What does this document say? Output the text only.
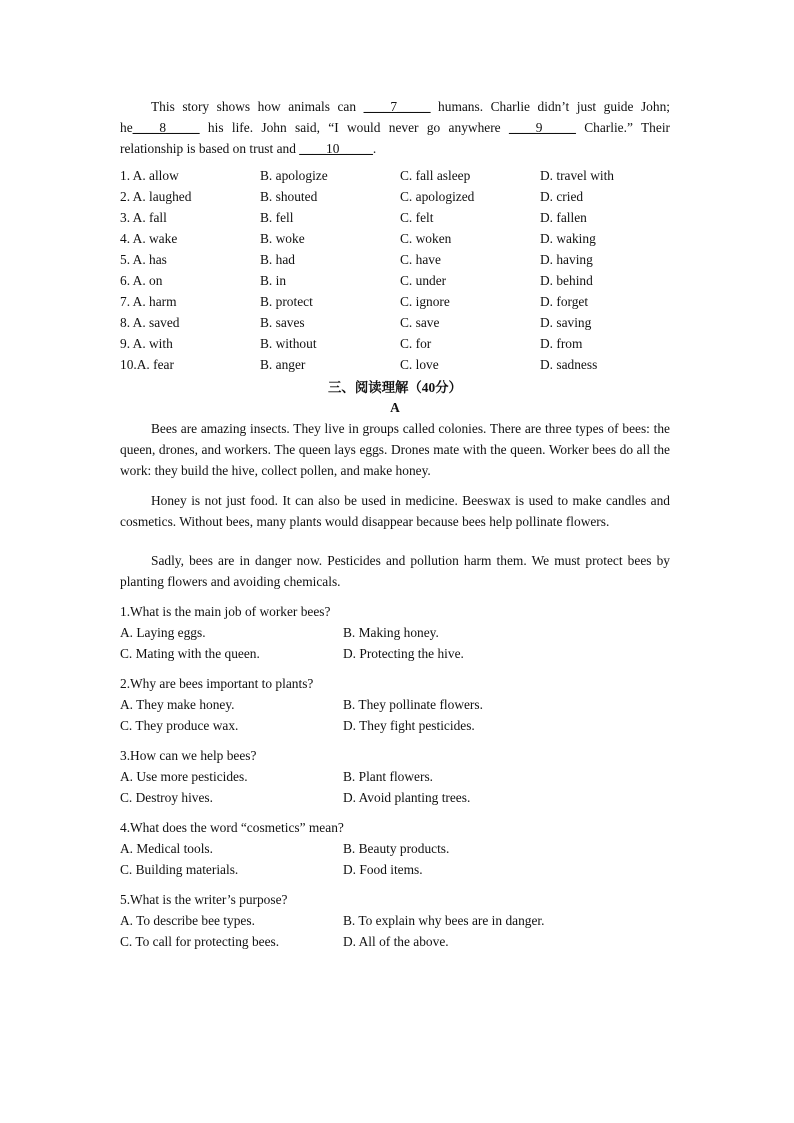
This story shows how animals can ____7_____ humans. Charlie didn’t just guide John; he____8_____ his life. John said, “I would never go anywhere ____9_____ Charlie.” Their relationship is based on trust and ____10_____.

1. A. allow	B. apologize	C. fall asleep	D. travel with
2. A. laughed	B. shouted	C. apologized	D. cried
3. A. fall	B. fell	C. felt	D. fallen
4. A. wake	B. woke	C. woken	D. waking
5. A. has	B. had	C. have	D. having
6. A. on	B. in	C. under	D. behind
7. A. harm	B. protect	C. ignore	D. forget
8. A. saved	B. saves	C. save	D. saving
9. A. with	B. without	C. for	D. from
10.A. fear	B. anger	C. love	D. sadness
三、阅读理解（40分）
A

Bees are amazing insects. They live in groups called colonies. There are three types of bees: the queen, drones, and workers. The queen lays eggs. Drones mate with the queen. Worker bees do all the work: they build the hive, collect pollen, and make honey.

Honey is not just food. It can also be used in medicine. Beeswax is used to make candles and cosmetics. Without bees, many plants would disappear because bees help pollinate flowers.

Sadly, bees are in danger now. Pesticides and pollution harm them. We must protect bees by planting flowers and avoiding chemicals.

1.What is the main job of worker bees?
A. Laying eggs.	B. Making honey.
C. Mating with the queen.	D. Protecting the hive.
2.Why are bees important to plants?
A. They make honey.	B. They pollinate flowers.
C. They produce wax.	D. They fight pesticides.
3.How can we help bees?
A. Use more pesticides.	B. Plant flowers.
C. Destroy hives.	D. Avoid planting trees.
4.What does the word “cosmetics” mean?
A. Medical tools.	B. Beauty products.
C. Building materials.	D. Food items.
5.What is the writer’s purpose?
A. To describe bee types.	B. To explain why bees are in danger.
C. To call for protecting bees.	D. All of the above.
